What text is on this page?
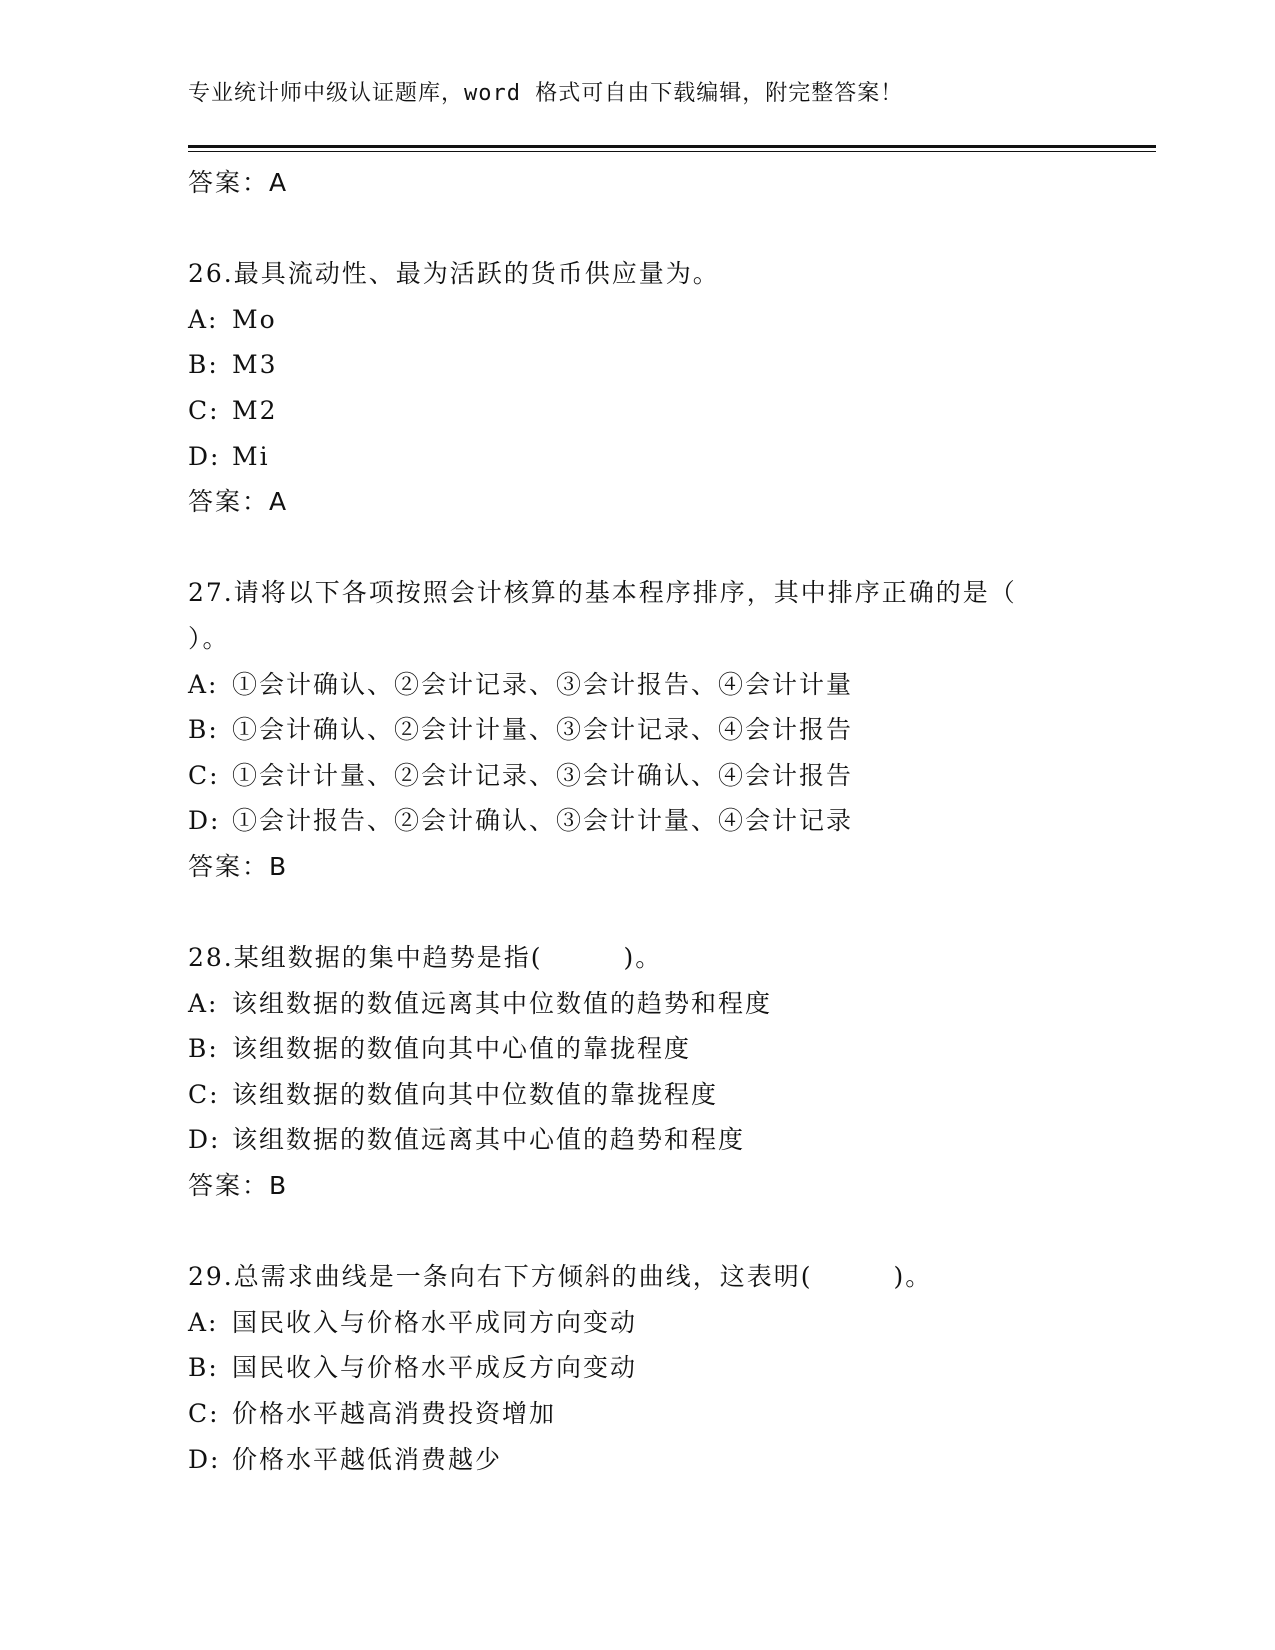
专业统计师中级认证题库，word 格式可自由下载编辑，附完整答案！
答案：A
26.最具流动性、最为活跃的货币供应量为。
A: Mo
B: M3
C: M2
D: Mi
答案：A
27.请将以下各项按照会计核算的基本程序排序，其中排序正确的是（
）。
A: ①会计确认、②会计记录、③会计报告、④会计计量
B: ①会计确认、②会计计量、③会计记录、④会计报告
C: ①会计计量、②会计记录、③会计确认、④会计报告
D: ①会计报告、②会计确认、③会计计量、④会计记录
答案：B
28.某组数据的集中趋势是指(　　　)。
A: 该组数据的数值远离其中位数值的趋势和程度
B: 该组数据的数值向其中心值的靠拢程度
C: 该组数据的数值向其中位数值的靠拢程度
D: 该组数据的数值远离其中心值的趋势和程度
答案：B
29.总需求曲线是一条向右下方倾斜的曲线，这表明(　　　)。
A: 国民收入与价格水平成同方向变动
B: 国民收入与价格水平成反方向变动
C: 价格水平越高消费投资增加
D: 价格水平越低消费越少
